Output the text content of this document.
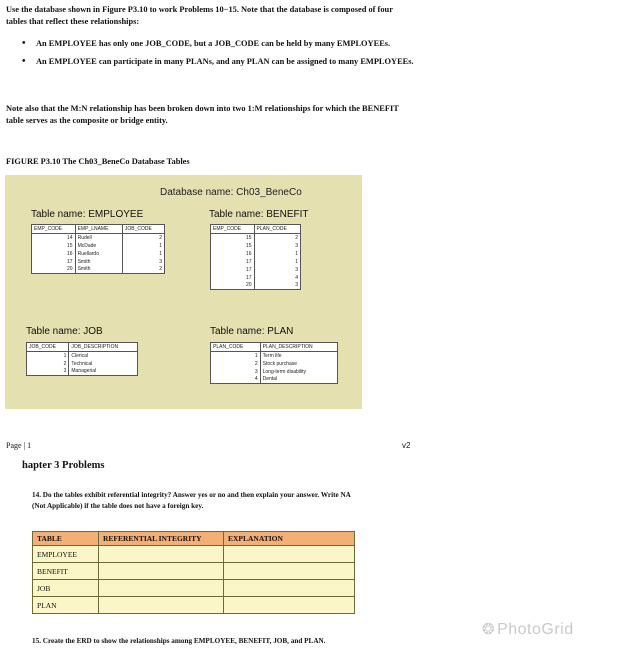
Use the database shown in Figure P3.10 to work Problems 10−15. Note that the database is composed of four tables that reflect these relationships:
• An EMPLOYEE has only one JOB_CODE, but a JOB_CODE can be held by many EMPLOYEEs.
• An EMPLOYEE can participate in many PLANs, and any PLAN can be assigned to many EMPLOYEEs.
Note also that the M:N relationship has been broken down into two 1:M relationships for which the BENEFIT table serves as the composite or bridge entity.
FIGURE P3.10 The Ch03_BeneCo Database Tables
Database name: Ch03_BeneCo
Table name: EMPLOYEE
EMP_CODE	EMP_LNAME	JOB_CODE
14	Rudell	2
15	McDade	1
16	Ruellardo	1
17	Smith	3
20	Smith	2
Table name: BENEFIT
EMP_CODE	PLAN_CODE
15	2
15	3
16	1
17	1
17	3
17	4
20	3
Table name: JOB
JOB_CODE	JOB_DESCRIPTION
1	Clerical
2	Technical
3	Managerial
Table name: PLAN
PLAN_CODE	PLAN_DESCRIPTION
1	Term life
2	Stock purchase
3	Long-term disability
4	Dental
Page | 1	v2
hapter 3 Problems
14. Do the tables exhibit referential integrity? Answer yes or no and then explain your answer. Write NA (Not Applicable) if the table does not have a foreign key.
TABLE	REFERENTIAL INTEGRITY	EXPLANATION
EMPLOYEE		
BENEFIT		
JOB		
PLAN		
15. Create the ERD to show the relationships among EMPLOYEE, BENEFIT, JOB, and PLAN.
❂ PhotoGrid
